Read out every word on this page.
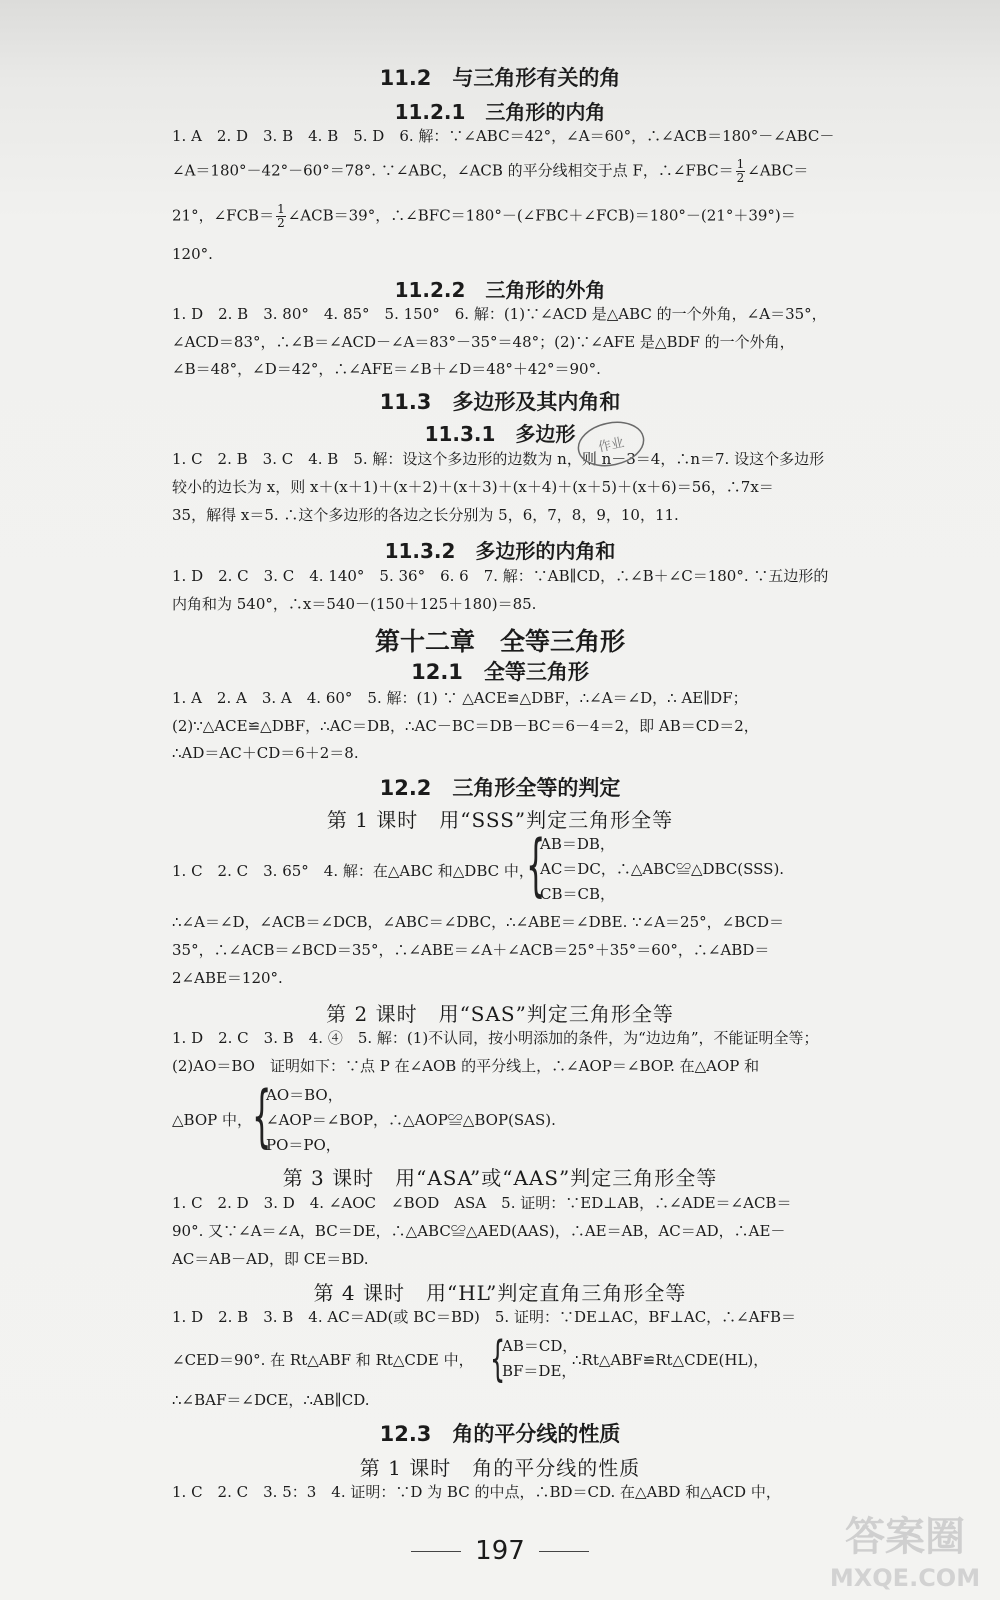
11.2　与三角形有关的角
11.2.1　三角形的内角
1. A　2. D　3. B　4. B　5. D　6. 解：∵∠ABC＝42°，∠A＝60°，∴∠ACB＝180°－∠ABC－
∠A＝180°－42°－60°＝78°. ∵∠ABC，∠ACB 的平分线相交于点 F，∴∠FBC＝ $\frac{1}{2}$ ∠ABC＝
21°，∠FCB＝ $\frac{1}{2}$ ∠ACB＝39°，∴∠BFC＝180°－(∠FBC＋∠FCB)＝180°－(21°＋39°)＝
120°.
11.2.2　三角形的外角
1. D　2. B　3. 80°　4. 85°　5. 150°　6. 解：(1)∵∠ACD 是△ABC 的一个外角，∠A＝35°，
∠ACD＝83°，∴∠B＝∠ACD－∠A＝83°－35°＝48°；(2)∵∠AFE 是△BDF 的一个外角，
∠B＝48°，∠D＝42°，∴∠AFE＝∠B＋∠D＝48°＋42°＝90°.
11.3　多边形及其内角和
11.3.1　多边形
1. C　2. B　3. C　4. B　5. 解：设这个多边形的边数为 n，则 n－3＝4，∴n＝7. 设这个多边形
较小的边长为 x，则 x＋(x＋1)＋(x＋2)＋(x＋3)＋(x＋4)＋(x＋5)＋(x＋6)＝56，∴7x＝
35，解得 x＝5. ∴这个多边形的各边之长分别为 5，6，7，8，9，10，11.
11.3.2　多边形的内角和
1. D　2. C　3. C　4. 140°　5. 36°　6. 6　7. 解：∵AB∥CD，∴∠B＋∠C＝180°. ∵五边形的
内角和为 540°，∴x＝540－(150＋125＋180)＝85.
第十二章　全等三角形
12.1　全等三角形
1. A　2. A　3. A　4. 60°　5. 解：(1) ∵ △ACE≌△DBF，∴∠A＝∠D，∴ AE∥DF；
(2)∵△ACE≌△DBF，∴AC＝DB，∴AC－BC＝DB－BC＝6－4＝2，即 AB＝CD＝2，
∴AD＝AC＋CD＝6＋2＝8.
12.2　三角形全等的判定
第 1 课时　用“SSS”判定三角形全等
1. C　2. C　3. 65°　4. 解：在△ABC 和△DBC 中，
{
AB＝DB，
AC＝DC，∴△ABC≌△DBC(SSS).
CB＝CB，
∴∠A＝∠D，∠ACB＝∠DCB，∠ABC＝∠DBC，∴∠ABE＝∠DBE. ∵∠A＝25°，∠BCD＝
35°，∴∠ACB＝∠BCD＝35°，∴∠ABE＝∠A＋∠ACB＝25°＋35°＝60°，∴∠ABD＝
2∠ABE＝120°.
第 2 课时　用“SAS”判定三角形全等
1. D　2. C　3. B　4. ④　5. 解：(1)不认同，按小明添加的条件，为“边边角”，不能证明全等；
(2)AO＝BO　证明如下：∵点 P 在∠AOB 的平分线上，∴∠AOP＝∠BOP. 在△AOP 和
△BOP 中， {
AO＝BO，
∠AOP＝∠BOP，∴△AOP≌△BOP(SAS).
PO＝PO，
第 3 课时　用“ASA”或“AAS”判定三角形全等
1. C　2. D　3. D　4. ∠AOC　∠BOD　ASA　5. 证明：∵ED⊥AB，∴∠ADE＝∠ACB＝
90°. 又∵∠A＝∠A，BC＝DE，∴△ABC≌△AED(AAS)，∴AE＝AB，AC＝AD，∴AE－
AC＝AB－AD，即 CE＝BD.
第 4 课时　用“HL”判定直角三角形全等
1. D　2. B　3. B　4. AC＝AD(或 BC＝BD)　5. 证明：∵DE⊥AC，BF⊥AC，∴∠AFB＝
∠CED＝90°. 在 Rt△ABF 和 Rt△CDE 中， {
AB＝CD，
BF＝DE，
∴Rt△ABF≌Rt△CDE(HL)，
∴∠BAF＝∠DCE，∴AB∥CD.
12.3　角的平分线的性质
第 1 课时　角的平分线的性质
1. C　2. C　3. 5：3　4. 证明：∵D 为 BC 的中点，∴BD＝CD. 在△ABD 和△ACD 中，
作业
197	答案圈
MXQE.COM
